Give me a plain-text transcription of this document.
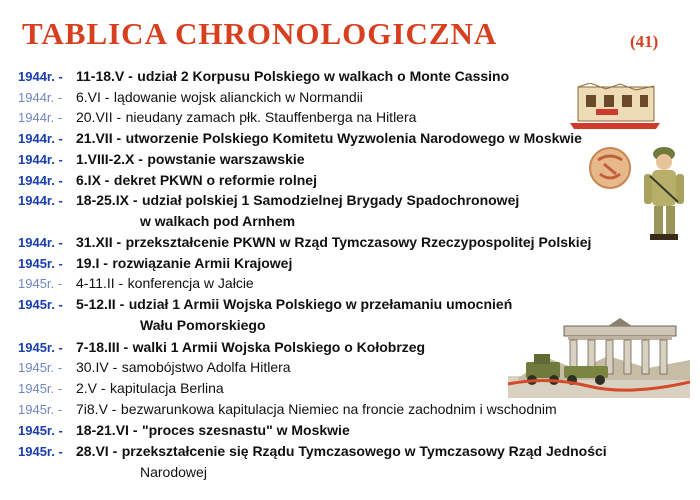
TABLICA CHRONOLOGICZNA	(41)
1944r. - 11-18.V - udział 2 Korpusu Polskiego w walkach o Monte Cassino
1944r. - 6.VI - lądowanie wojsk alianckich w Normandii
1944r. - 20.VII - nieudany zamach płk. Stauffenberga na Hitlera
1944r. - 21.VII - utworzenie Polskiego Komitetu Wyzwolenia Narodowego w Moskwie
1944r. - 1.VIII-2.X - powstanie warszawskie
1944r. - 6.IX - dekret PKWN o reformie rolnej
1944r. - 18-25.IX - udział polskiej 1 Samodzielnej Brygady Spadochronowej
1944r. - 31.XII - przekształcenie PKWN w Rząd Tymczasowy Rzeczypospolitej Polskiej
1945r. - 19.I - rozwiązanie Armii Krajowej
1945r. - 4-11.II - konferencja w Jałcie
1945r. - 5-12.II - udział 1 Armii Wojska Polskiego w przełamaniu umocnień
1945r. - 7-18.III - walki 1 Armii Wojska Polskiego o Kołobrzeg
1945r. - 30.IV - samobójstwo Adolfa Hitlera
1945r. - 2.V - kapitulacja Berlina
1945r. - 7i8.V - bezwarunkowa kapitulacja Niemiec na froncie zachodnim i wschodnim
1945r. - 18-21.VI - "proces szesnastu" w Moskwie
1945r. - 28.VI - przekształcenie się Rządu Tymczasowego w Tymczasowy Rząd Jedności
w walkach pod Arnhem
Wału Pomorskiego
Narodowej
